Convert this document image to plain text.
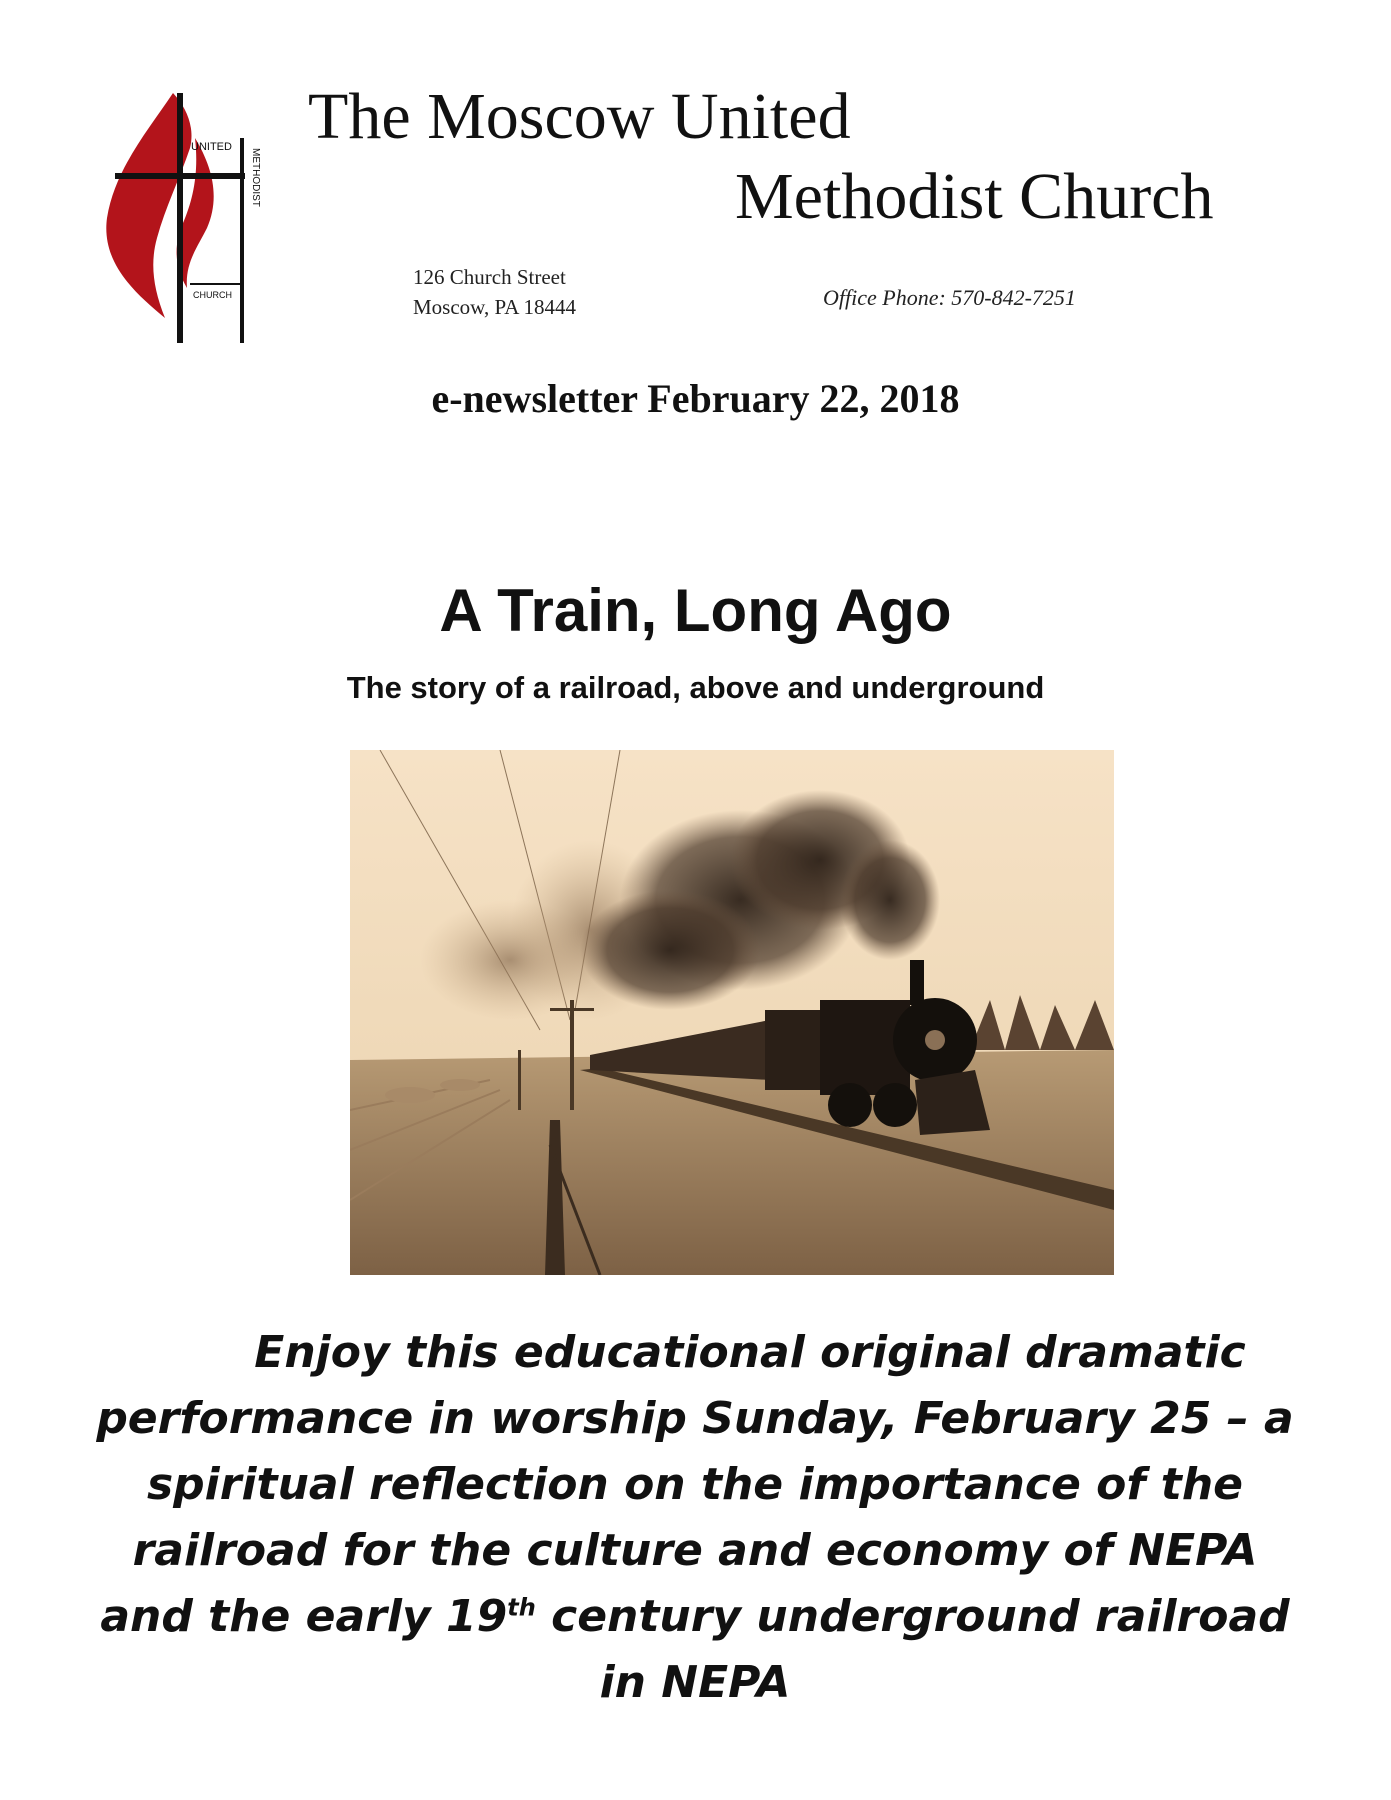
UNITED
METHODIST
CHURCH
The Moscow United
Methodist Church
126 Church Street
Moscow, PA 18444	Office Phone: 570-842-7251
e-newsletter February 22, 2018
A Train, Long Ago
The story of a railroad, above and underground

Enjoy this educational original dramatic performance in worship Sunday, February 25 – a spiritual reflection on the importance of the railroad for the culture and economy of NEPA and the early 19th century underground railroad in NEPA
